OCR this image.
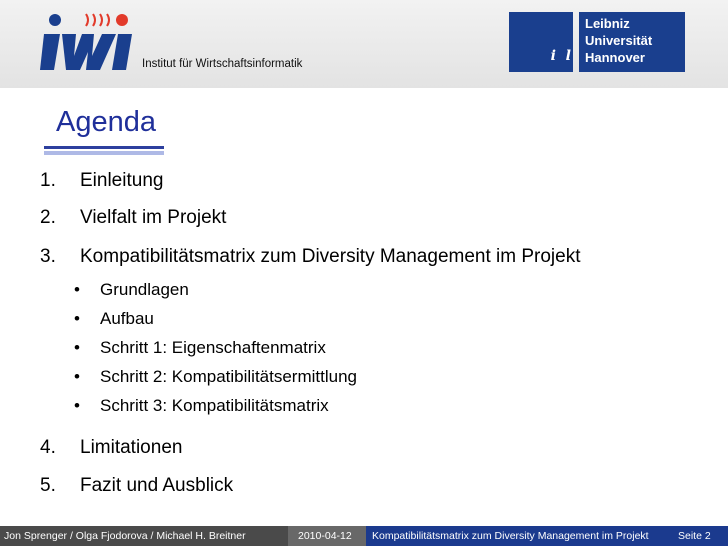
Institut für Wirtschaftsinformatik

	i  l

l o 2

l o o 4

Leibniz
Universität
Hannover
Agenda
1. Einleitung
2. Vielfalt im Projekt
3. Kompatibilitätsmatrix zum Diversity Management im Projekt
• Grundlagen
• Aufbau
• Schritt 1: Eigenschaftenmatrix
• Schritt 2: Kompatibilitätsermittlung
• Schritt 3: Kompatibilitätsmatrix
4. Limitationen
5. Fazit und Ausblick
Jon Sprenger / Olga Fjodorova / Michael H. Breitner	2010-04-12 Kompatibilitätsmatrix zum Diversity Management im Projekt	Seite 2
